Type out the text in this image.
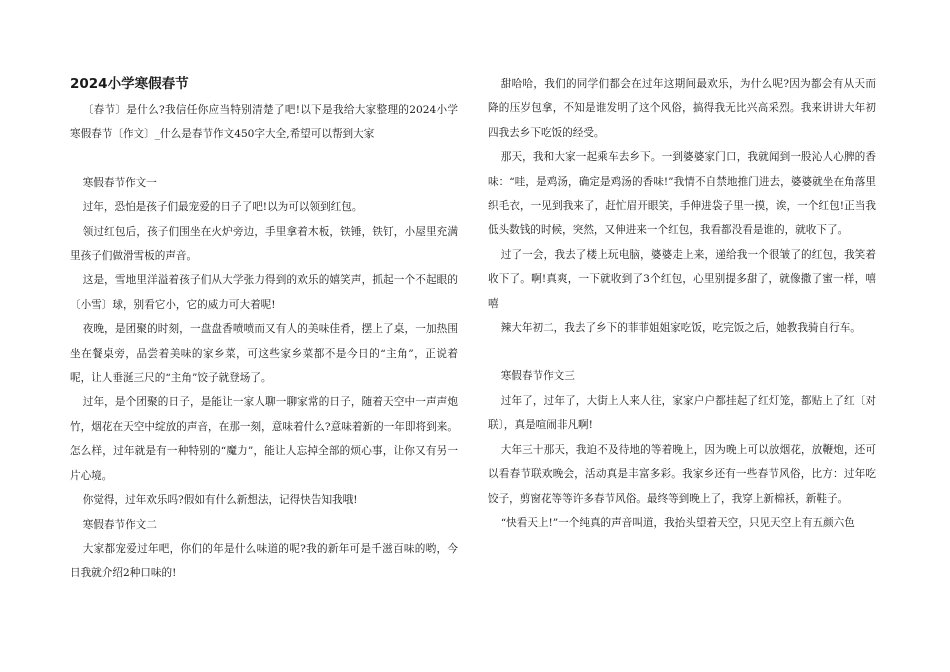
2024小学寒假春节

〔春节〕是什么?我信任你应当特别清楚了吧!以下是我给大家整理的2024小学寒假春节〔作文〕_什么是春节作文450字大全,希望可以帮到大家

寒假春节作文一

过年，恐怕是孩子们最宠爱的日子了吧!以为可以领到红包。

领过红包后，孩子们围坐在火炉旁边，手里拿着木板，铁锤，铁钉，小屋里充满里孩子们做滑雪板的声音。

这是，雪地里洋溢着孩子们从大学张力得到的欢乐的嬉笑声，抓起一个不起眼的〔小雪〕球，别看它小，它的威力可大着呢!

夜晚，是团聚的时刻，一盘盘香喷喷而又有人的美味佳肴，摆上了桌，一加热围坐在餐桌旁，品尝着美味的家乡菜，可这些家乡菜都不是今日的“主角”，正说着呢，让人垂涎三尺的“主角”饺子就登场了。

过年，是个团聚的日子，是能让一家人聊一聊家常的日子，随着天空中一声声炮竹，烟花在天空中绽放的声音，在那一刻，意味着什么?意味着新的一年即将到来。怎么样，过年就是有一种特别的“魔力”，能让人忘掉全部的烦心事，让你又有另一片心境。

你觉得，过年欢乐吗?假如有什么新想法，记得快告知我哦!

寒假春节作文二

大家都宠爱过年吧，你们的年是什么味道的呢?我的新年可是千滋百味的哟，今日我就介绍2种口味的!

甜哈哈，我们的同学们都会在过年这期间最欢乐，为什么呢?因为都会有从天而降的压岁包拿，不知是谁发明了这个风俗，搞得我无比兴高采烈。我来讲讲大年初四我去乡下吃饭的经受。

那天，我和大家一起乘车去乡下。一到婆婆家门口，我就闻到一股沁人心脾的香味：“哇，是鸡汤，确定是鸡汤的香味!”我情不自禁地推门进去，婆婆就坐在角落里织毛衣，一见到我来了，赶忙眉开眼笑，手伸进袋子里一摸，诶，一个红包!正当我低头数钱的时候，突然，又伸进来一个红包，我看都没看是谁的，就收下了。

过了一会，我去了楼上玩电脑，婆婆走上来，递给我一个很皱了的红包，我笑着收下了。啊!真爽，一下就收到了3个红包，心里别提多甜了，就像撒了蜜一样，嘻嘻

辣大年初二，我去了乡下的菲菲姐姐家吃饭，吃完饭之后，她教我骑自行车。

寒假春节作文三

过年了，过年了，大街上人来人往，家家户户都挂起了红灯笼，都贴上了红〔对联〕，真是喧闹非凡啊!

大年三十那天，我迫不及待地的等着晚上，因为晚上可以放烟花，放鞭炮，还可以看春节联欢晚会，活动真是丰富多彩。我家乡还有一些春节风俗，比方：过年吃饺子，剪窗花等等许多春节风俗。最终等到晚上了，我穿上新棉袄，新鞋子。

“快看天上!”一个纯真的声音叫道，我抬头望着天空，只见天空上有五颜六色
